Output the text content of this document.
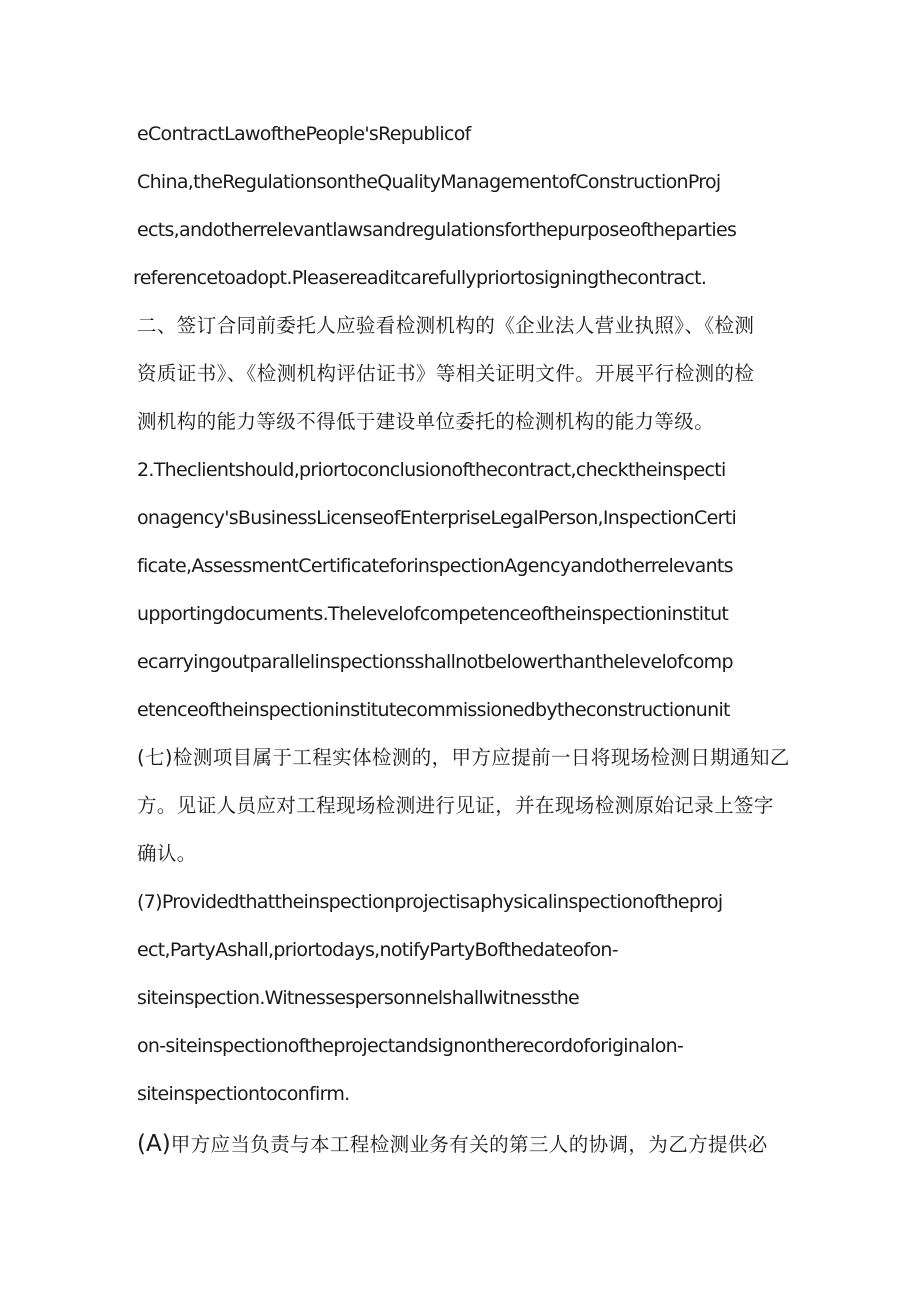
eContractLawofthePeople'sRepublicof
China,theRegulationsontheQualityManagementofConstructionProj
ects,andotherrelevantlawsandregulationsforthepurposeoftheparties
referencetoadopt.Pleasereaditcarefullypriortosigningthecontract.
二、签订合同前委托人应验看检测机构的《企业法人营业执照》、《检测
资质证书》、《检测机构评估证书》等相关证明文件。开展平行检测的检
测机构的能力等级不得低于建设单位委托的检测机构的能力等级。
2.Theclientshould,priortoconclusionofthecontract,checktheinspecti
onagency'sBusinessLicenseofEnterpriseLegalPerson,InspectionCerti
ficate,AssessmentCertificateforinspectionAgencyandotherrelevants
upportingdocuments.Thelevelofcompetenceoftheinspectioninstitut
ecarryingoutparallelinspectionsshallnotbelowerthanthelevelofcomp
etenceoftheinspectioninstitutecommissionedbytheconstructionunit
(七)检测项目属于工程实体检测的，甲方应提前一日将现场检测日期通知乙
方。见证人员应对工程现场检测进行见证，并在现场检测原始记录上签字
确认。
(7)Providedthattheinspectionprojectisaphysicalinspectionoftheproj
ect,PartyAshall,priortodays,notifyPartyBofthedateofon-
siteinspection.Witnessespersonnelshallwitnessthe
on-siteinspectionoftheprojectandsignontherecordoforiginalon-
siteinspectiontoconfirm.
(A)甲方应当负责与本工程检测业务有关的第三人的协调，为乙方提供必
